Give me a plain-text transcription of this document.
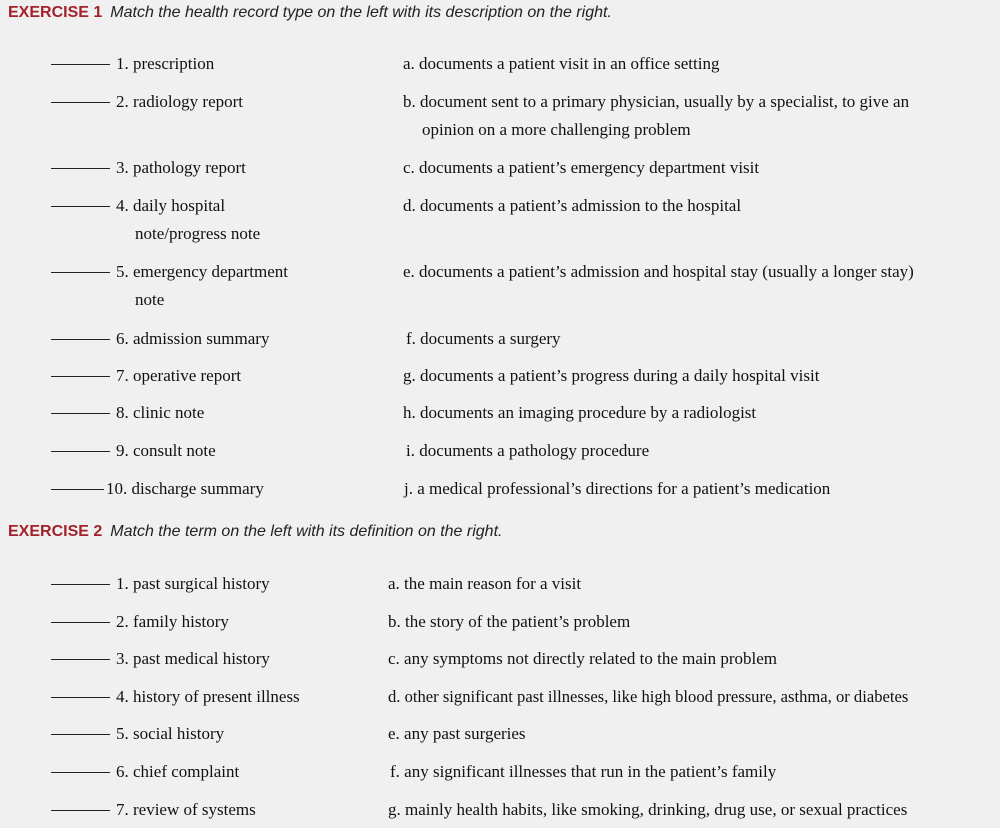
EXERCISE 1 Match the health record type on the left with its description on the right.
1. prescription
2. radiology report
3. pathology report
4. daily hospital
note/progress note
5. emergency department
note
6. admission summary
7. operative report
8. clinic note
9. consult note
10. discharge summary
a. documents a patient visit in an office setting
b. document sent to a primary physician, usually by a specialist, to give an
opinion on a more challenging problem
c. documents a patient’s emergency department visit
d. documents a patient’s admission to the hospital
e. documents a patient’s admission and hospital stay (usually a longer stay)
f. documents a surgery
g. documents a patient’s progress during a daily hospital visit
h. documents an imaging procedure by a radiologist
i. documents a pathology procedure
j. a medical professional’s directions for a patient’s medication
EXERCISE 2 Match the term on the left with its definition on the right.
1. past surgical history
2. family history
3. past medical history
4. history of present illness
5. social history
6. chief complaint
7. review of systems
a. the main reason for a visit
b. the story of the patient’s problem
c. any symptoms not directly related to the main problem
d. other significant past illnesses, like high blood pressure, asthma, or diabetes
e. any past surgeries
f. any significant illnesses that run in the patient’s family
g. mainly health habits, like smoking, drinking, drug use, or sexual practices
